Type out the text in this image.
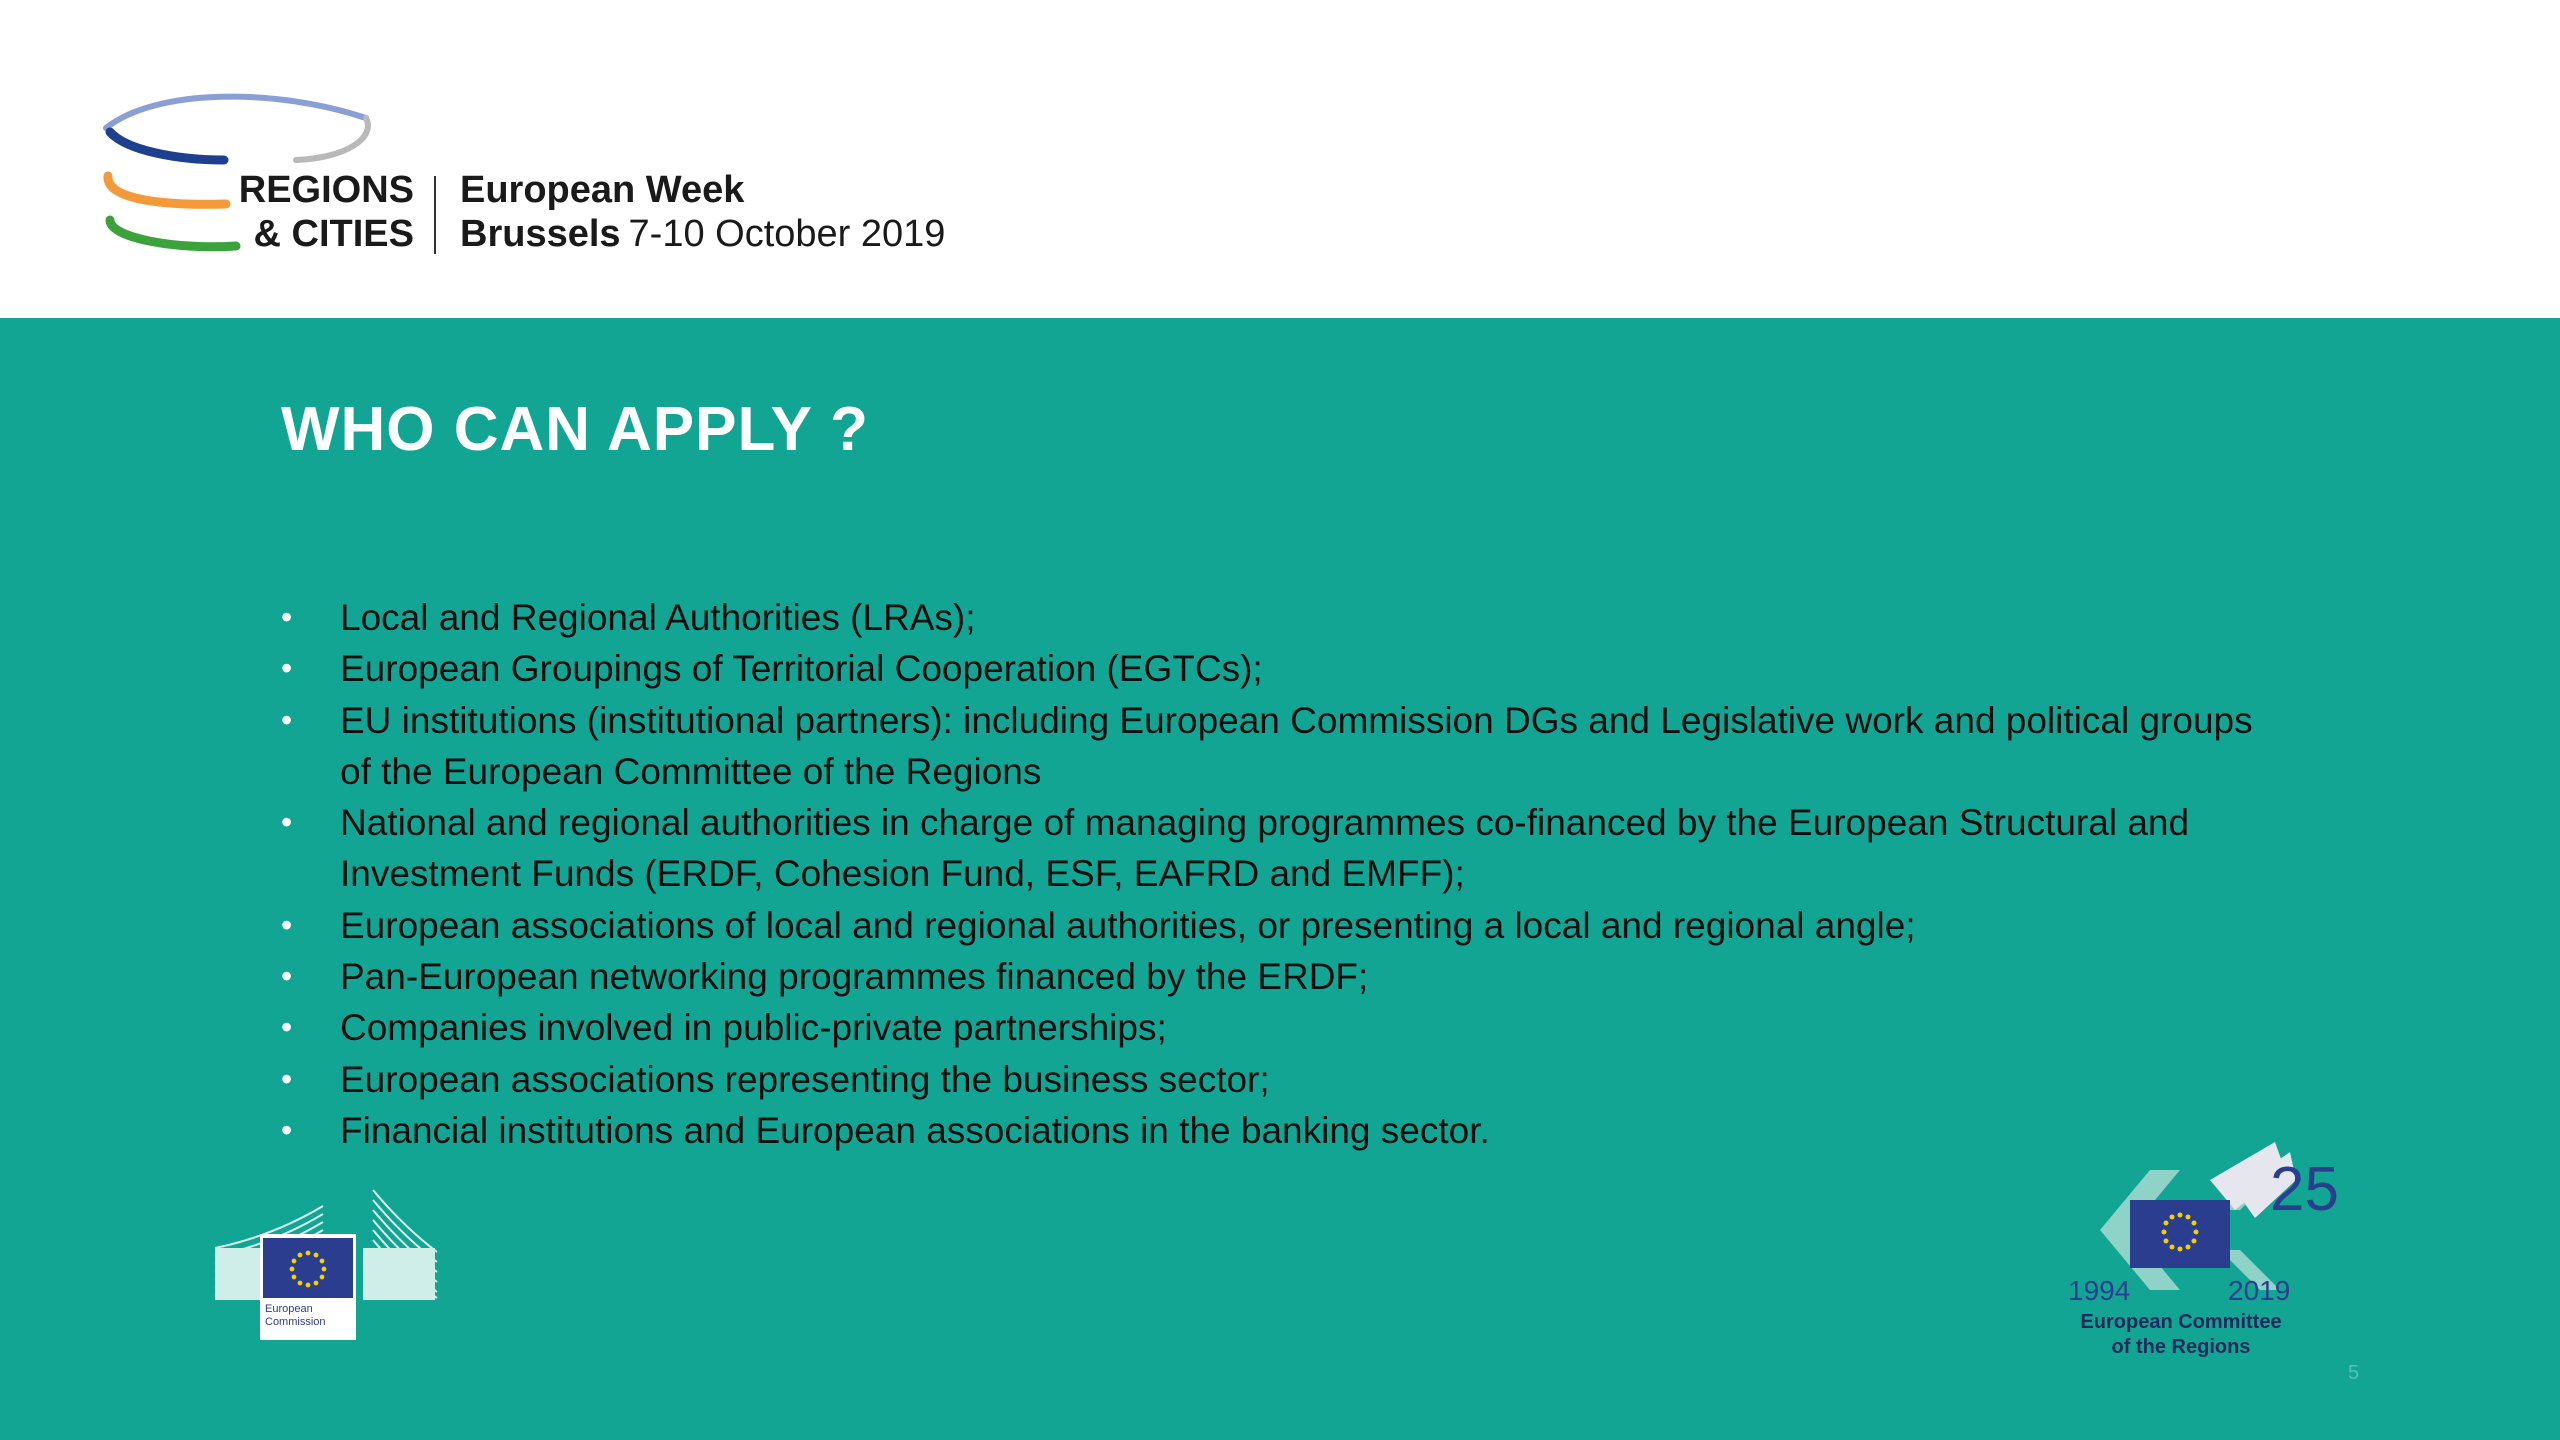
REGIONS
& CITIES
European Week
Brussels 7-10 October 2019
WHO CAN APPLY ?
• Local and Regional Authorities (LRAs);
• European Groupings of Territorial Cooperation (EGTCs);
• EU institutions (institutional partners): including European Commission DGs and Legislative work and political groups of the European Committee of the Regions
• National and regional authorities in charge of managing programmes co-financed by the European Structural and Investment Funds (ERDF, Cohesion Fund, ESF, EAFRD and EMFF);
• European associations of local and regional authorities, or presenting a local and regional angle;
• Pan-European networking programmes financed by the ERDF;
• Companies involved in public-private partnerships;
• European associations representing the business sector;
• Financial institutions and European associations in the banking sector.
European
Commission
25
1994	2019
European Committee
of the Regions
5
